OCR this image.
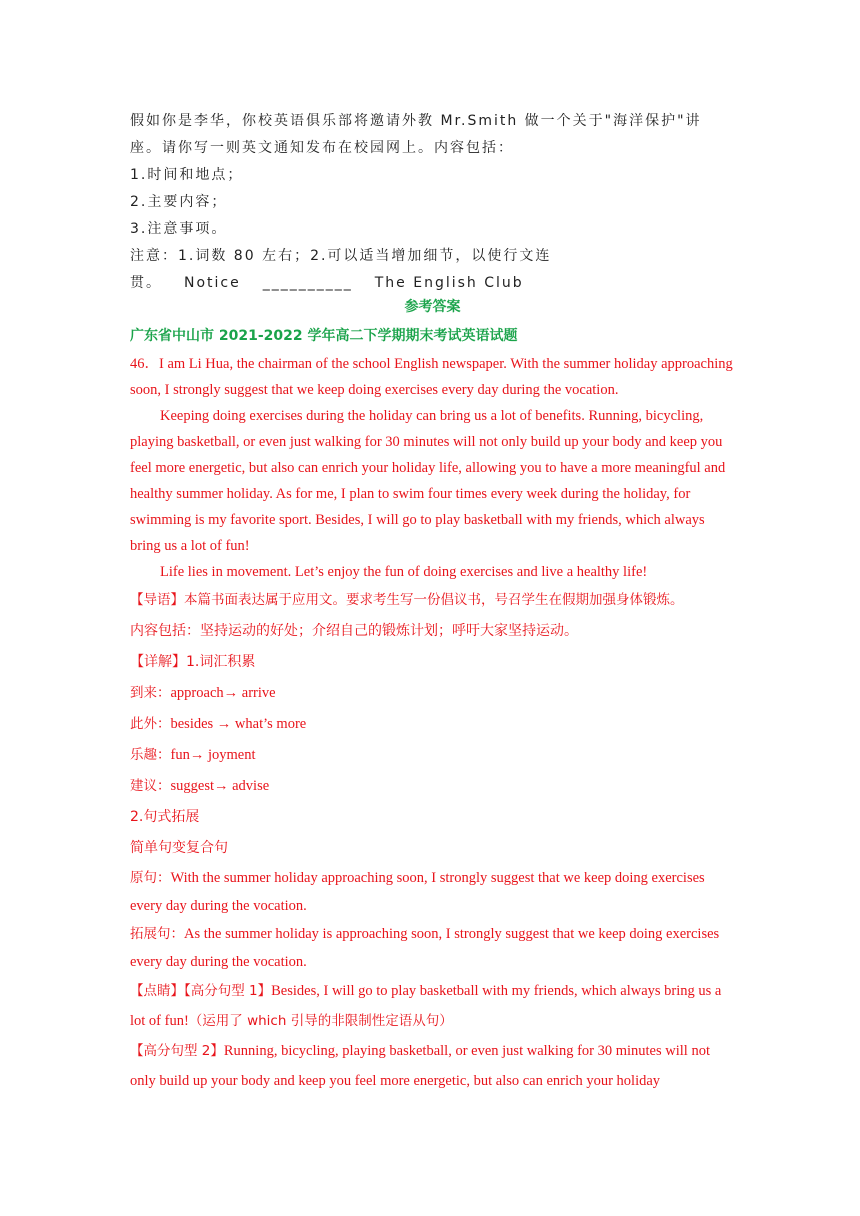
假如你是李华，你校英语俱乐部将邀请外教 Mr.Smith 做一个关于"海洋保护"讲

座。请你写一则英文通知发布在校园网上。内容包括：

1.时间和地点；

2.主要内容；

3.注意事项。

注意：1.词数 80 左右；2.可以适当增加细节，以使行文连

贯。 Notice __________ The English Club

参考答案

广东省中山市 2021-2022 学年高二下学期期末考试英语试题

46．I am Li Hua, the chairman of the school English newspaper. With the summer holiday approaching soon, I strongly suggest that we keep doing exercises every day during the vocation.

Keeping doing exercises during the holiday can bring us a lot of benefits. Running, bicycling, playing basketball, or even just walking for 30 minutes will not only build up your body and keep you feel more energetic, but also can enrich your holiday life, allowing you to have a more meaningful and healthy summer holiday. As for me, I plan to swim four times every week during the holiday, for swimming is my favorite sport. Besides, I will go to play basketball with my friends, which always bring us a lot of fun!

Life lies in movement. Let’s enjoy the fun of doing exercises and live a healthy life!

【导语】本篇书面表达属于应用文。要求考生写一份倡议书，号召学生在假期加强身体锻炼。

内容包括：坚持运动的好处；介绍自己的锻炼计划；呼吁大家坚持运动。

【详解】1.词汇积累

到来：approach→ arrive

此外：besides → what’s more

乐趣：fun→ joyment

建议：suggest→ advise

2.句式拓展

简单句变复合句

原句：With the summer holiday approaching soon, I strongly suggest that we keep doing exercises every day during the vocation.

拓展句：As the summer holiday is approaching soon, I strongly suggest that we keep doing exercises every day during the vocation.

【点睛】【高分句型 1】Besides, I will go to play basketball with my friends, which always bring us a lot of fun!（运用了 which 引导的非限制性定语从句）

【高分句型 2】Running, bicycling, playing basketball, or even just walking for 30 minutes will not only build up your body and keep you feel more energetic, but also can enrich your holiday
